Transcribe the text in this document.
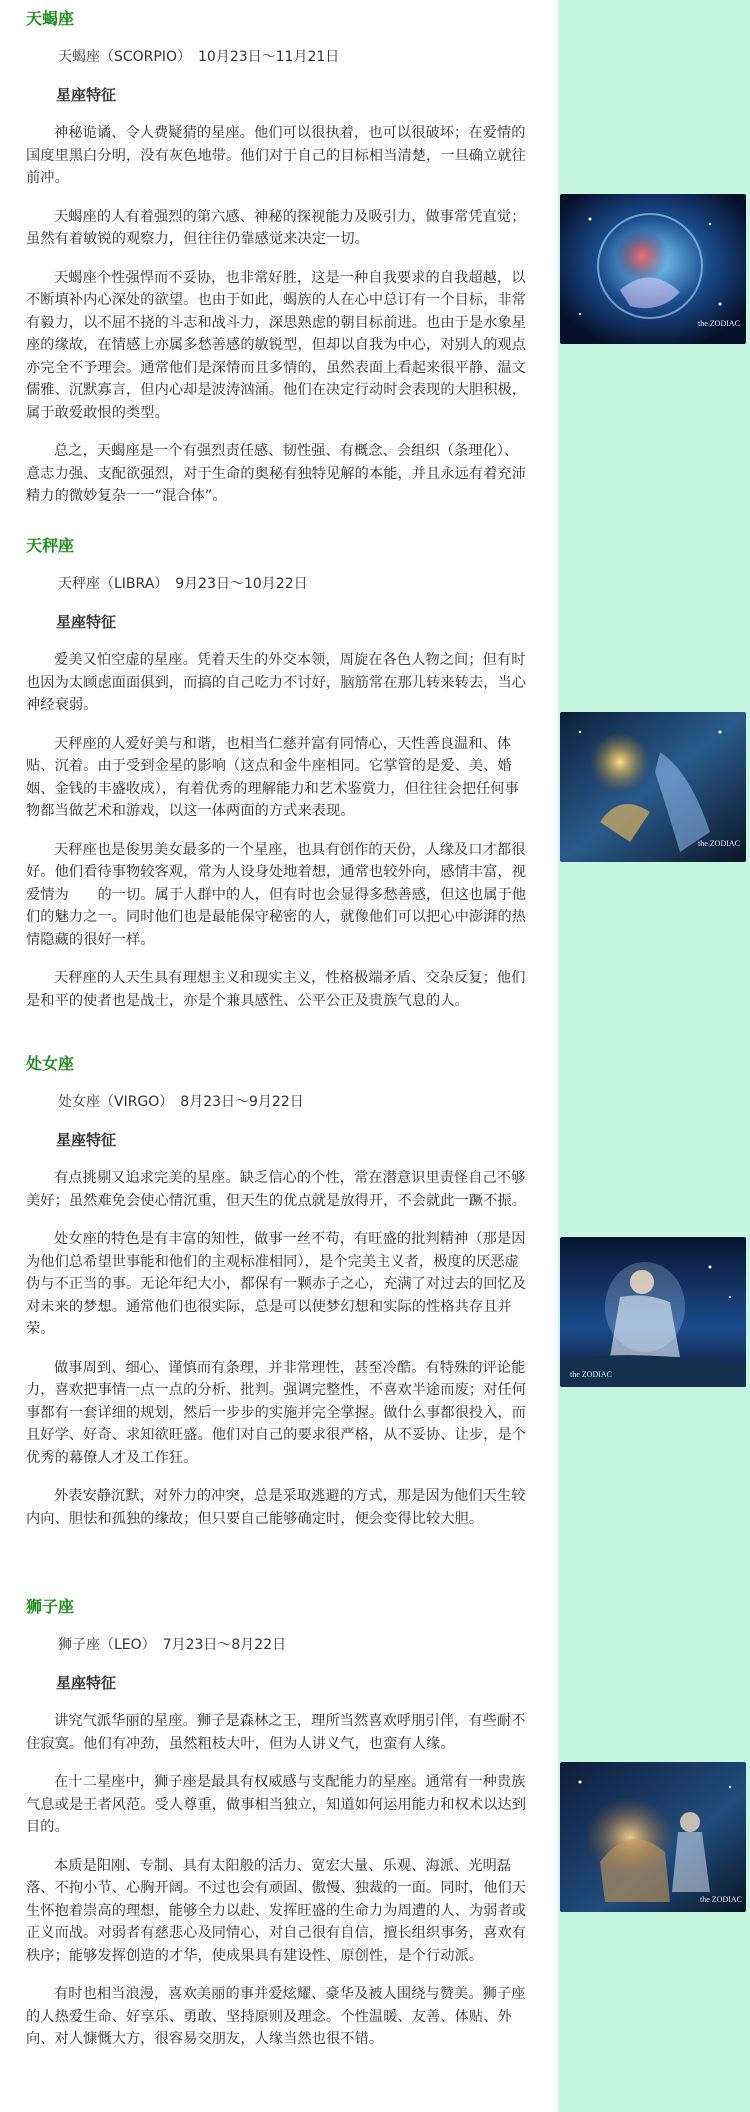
天蝎座

天蝎座（SCORPIO）　10月23日～11月21日

星座特征

神秘诡谲、令人费疑猜的星座。他们可以很执着，也可以很破坏；在爱情的国度里黑白分明，没有灰色地带。他们对于自己的目标相当清楚，一旦确立就往前冲。

天蝎座的人有着强烈的第六感、神秘的探视能力及吸引力，做事常凭直觉；虽然有着敏锐的观察力，但往往仍靠感觉来决定一切。

天蝎座个性强悍而不妥协，也非常好胜，这是一种自我要求的自我超越，以不断填补内心深处的欲望。也由于如此，蝎族的人在心中总订有一个目标，非常有毅力，以不屈不挠的斗志和战斗力，深思熟虑的朝目标前进。也由于是水象星座的缘故，在情感上亦属多愁善感的敏锐型，但却以自我为中心，对别人的观点亦完全不予理会。通常他们是深情而且多情的，虽然表面上看起来很平静、温文儒雅、沉默寡言，但内心却是波涛汹涌。他们在决定行动时会表现的大胆积极，属于敢爱敢恨的类型。

总之，天蝎座是一个有强烈责任感、韧性强、有概念、会组织（条理化）、意志力强、支配欲强烈，对于生命的奥秘有独特见解的本能，并且永远有着充沛精力的微妙复杂一一“混合体”。

天秤座

天秤座（LIBRA）　9月23日～10月22日

星座特征

爱美又怕空虚的星座。凭着天生的外交本领，周旋在各色人物之间；但有时也因为太顾虑面面俱到，而搞的自己吃力不讨好，脑筋常在那儿转来转去，当心神经衰弱。

天秤座的人爱好美与和谐，也相当仁慈并富有同情心，天性善良温和、体贴、沉着。由于受到金星的影响（这点和金牛座相同。它掌管的是爱、美、婚姻、金钱的丰盛收成），有着优秀的理解能力和艺术鉴赏力，但往往会把任何事物都当做艺术和游戏，以这一体两面的方式来表现。

天秤座也是俊男美女最多的一个星座，也具有创作的天份，人缘及口才都很好。他们看待事物较客观，常为人设身处地着想，通常也较外向，感情丰富，视爱情为　　的一切。属于人群中的人，但有时也会显得多愁善感，但这也属于他们的魅力之一。同时他们也是最能保守秘密的人，就像他们可以把心中澎湃的热情隐藏的很好一样。

天秤座的人天生具有理想主义和现实主义，性格极端矛盾、交杂反复；他们是和平的使者也是战士，亦是个兼具感性、公平公正及贵族气息的人。

处女座

处女座（VIRGO）　8月23日～9月22日

星座特征

有点挑剔又追求完美的星座。缺乏信心的个性，常在潜意识里责怪自己不够美好；虽然难免会使心情沉重，但天生的优点就是放得开，不会就此一蹶不振。

处女座的特色是有丰富的知性，做事一丝不苟，有旺盛的批判精神（那是因为他们总希望世事能和他们的主观标准相同），是个完美主义者，极度的厌恶虚伪与不正当的事。无论年纪大小，都保有一颗赤子之心，充满了对过去的回忆及对未来的梦想。通常他们也很实际，总是可以使梦幻想和实际的性格共存且并荣。

做事周到、细心、谨慎而有条理，并非常理性，甚至冷酷。有特殊的评论能力，喜欢把事情一点一点的分析、批判。强调完整性，不喜欢半途而废；对任何事都有一套详细的规划，然后一步步的实施并完全掌握。做什么事都很投入，而且好学、好奇、求知欲旺盛。他们对自己的要求很严格，从不妥协、让步，是个优秀的幕僚人才及工作狂。

外表安静沉默，对外力的冲突，总是采取逃避的方式，那是因为他们天生较内向、胆怯和孤独的缘故；但只要自己能够确定时，便会变得比较大胆。

狮子座

狮子座（LEO）　7月23日～8月22日

星座特征

讲究气派华丽的星座。狮子是森林之王，理所当然喜欢呼朋引伴，有些耐不住寂寞。他们有冲劲，虽然粗枝大叶，但为人讲义气，也蛮有人缘。

在十二星座中，狮子座是最具有权威感与支配能力的星座。通常有一种贵族气息或是王者风范。受人尊重，做事相当独立，知道如何运用能力和权术以达到目的。

本质是阳刚、专制、具有太阳般的活力、宽宏大量、乐观、海派、光明磊落、不拘小节、心胸开阔。不过也会有顽固、傲慢、独裁的一面。同时，他们天生怀抱着崇高的理想，能够全力以赴、发挥旺盛的生命力为周遭的人、为弱者或正义而战。对弱者有慈悲心及同情心，对自己很有自信，擅长组织事务，喜欢有秩序；能够发挥创造的才华，使成果具有建设性、原创性，是个行动派。

有时也相当浪漫，喜欢美丽的事并爱炫耀、豪华及被人围绕与赞美。狮子座的人热爱生命、好享乐、勇敢、坚持原则及理念。个性温暖、友善、体贴、外向、对人慷慨大方，很容易交朋友，人缘当然也很不错。

the ZODIAC
the ZODIAC
the ZODIAC
the ZODIAC
